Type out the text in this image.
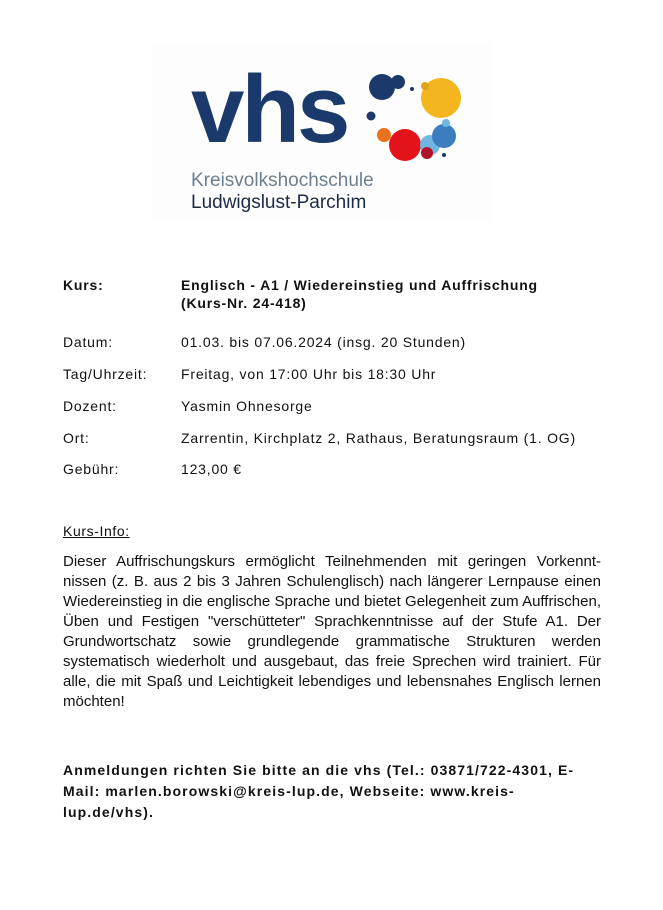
vhs
Kreisvolkshochschule
Ludwigslust-Parchim
Kurs:	Englisch - A1 / Wiedereinstieg und Auffrischung
(Kurs-Nr. 24-418)
Datum:	01.03. bis 07.06.2024 (insg. 20 Stunden)
Tag/Uhrzeit: Freitag, von 17:00 Uhr bis 18:30 Uhr
Dozent:	Yasmin Ohnesorge
Ort:	Zarrentin, Kirchplatz 2, Rathaus, Beratungsraum (1. OG)
Gebühr:	123,00 €
Kurs-Info:
Dieser Auffrischungskurs ermöglicht Teilnehmenden mit geringen Vorkennt-nissen (z. B. aus 2 bis 3 Jahren Schulenglisch) nach längerer Lernpause einen Wiedereinstieg in die englische Sprache und bietet Gelegenheit zum Auffrischen, Üben und Festigen "verschütteter" Sprachkenntnisse auf der Stufe A1. Der Grundwortschatz sowie grundlegende grammatische Strukturen werden systematisch wiederholt und ausgebaut, das freie Sprechen wird trainiert. Für alle, die mit Spaß und Leichtigkeit lebendiges und lebensnahes Englisch lernen möchten!
Anmeldungen richten Sie bitte an die vhs (Tel.: 03871/722-4301, E-Mail: marlen.borowski@kreis-lup.de, Webseite: www.kreis-lup.de/vhs).
